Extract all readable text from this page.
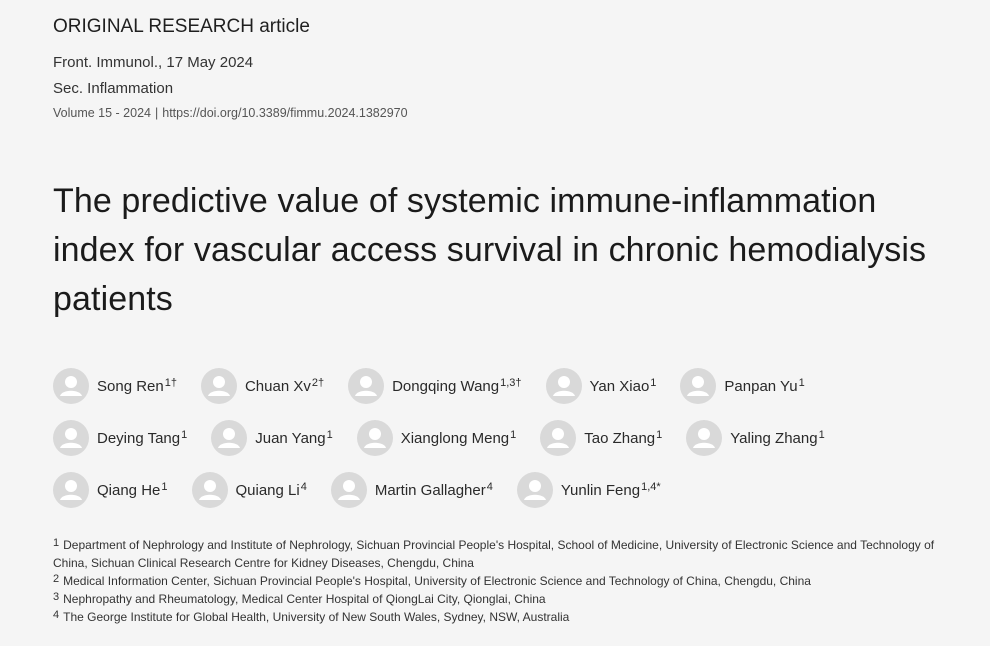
ORIGINAL RESEARCH article
Front. Immunol., 17 May 2024
Sec. Inflammation
Volume 15 - 2024 | https://doi.org/10.3389/fimmu.2024.1382970
The predictive value of systemic immune-inflammation index for vascular access survival in chronic hemodialysis patients
Song Ren$^{1\dagger}$	Chuan $Xv^{2\dagger}$	Dongqing Wang$^{1,3\dagger}$	Yan Xiao$^1$	Panpan Yu$^1$
Deying Tang$^1$	Juan Yang$^1$	Xianglong Meng$^1$	Tao Zhang$^1$	Yaling Zhang$^1$
Qiang He$^1$	Quiang Li$^4$	Martin Gallagher$^4$	Yunlin Feng$^{1,4*}$

$^1$ Department of Nephrology and Institute of Nephrology, Sichuan Provincial People's Hospital, School of Medicine, University of Electronic Science and Technology of China, Sichuan Clinical Research Centre for Kidney Diseases, Chengdu, China

$^2$ Medical Information Center, Sichuan Provincial People's Hospital, University of Electronic Science and Technology of China, Chengdu, China

$^3$ Nephropathy and Rheumatology, Medical Center Hospital of QiongLai City, Qionglai, China

$^4$ The George Institute for Global Health, University of New South Wales, Sydney, NSW, Australia
